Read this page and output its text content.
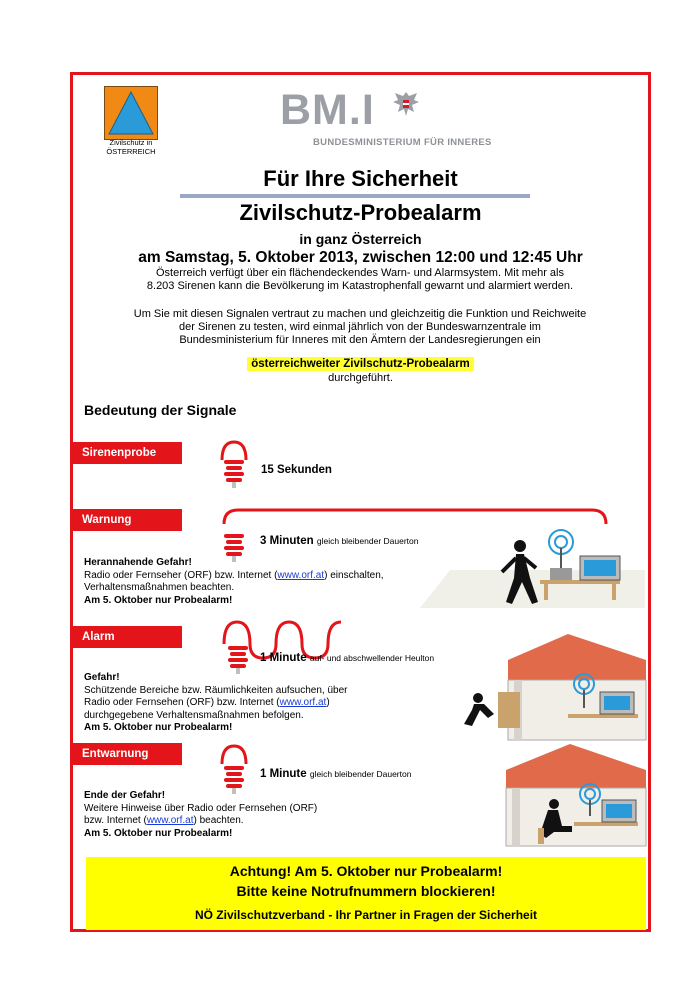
Zivilschutz in
ÖSTERREICH
BM.I
BUNDESMINISTERIUM FÜR INNERES
Für Ihre Sicherheit
Zivilschutz-Probealarm
in ganz Österreich
am Samstag, 5. Oktober 2013, zwischen 12:00 und 12:45 Uhr
Österreich verfügt über ein flächendeckendes Warn- und Alarmsystem. Mit mehr als
8.203 Sirenen kann die Bevölkerung im Katastrophenfall gewarnt und alarmiert werden.
Um Sie mit diesen Signalen vertraut zu machen und gleichzeitig die Funktion und Reichweite
der Sirenen zu testen, wird einmal jährlich von der Bundeswarnzentrale im
Bundesministerium für Inneres mit den Ämtern der Landesregierungen ein
österreichweiter Zivilschutz-Probealarm
durchgeführt.
Bedeutung der Signale
Sirenenprobe
15 Sekunden
Warnung
3 Minuten gleich bleibender Dauerton
Herannahende Gefahr!
Radio oder Fernseher (ORF) bzw. Internet (www.orf.at) einschalten,
Verhaltensmaßnahmen beachten.
Am 5. Oktober nur Probealarm!
Alarm
1 Minute auf- und abschwellender Heulton
Gefahr!
Schützende Bereiche bzw. Räumlichkeiten aufsuchen, über
Radio oder Fernsehen (ORF) bzw. Internet (www.orf.at)
durchgegebene Verhaltensmaßnahmen befolgen.
Am 5. Oktober nur Probealarm!
Entwarnung
1 Minute gleich bleibender Dauerton
Ende der Gefahr!
Weitere Hinweise über Radio oder Fernsehen (ORF)
bzw. Internet (www.orf.at) beachten.
Am 5. Oktober nur Probealarm!
Achtung! Am 5. Oktober nur Probealarm!
Bitte keine Notrufnummern blockieren!
NÖ Zivilschutzverband - Ihr Partner in Fragen der Sicherheit
